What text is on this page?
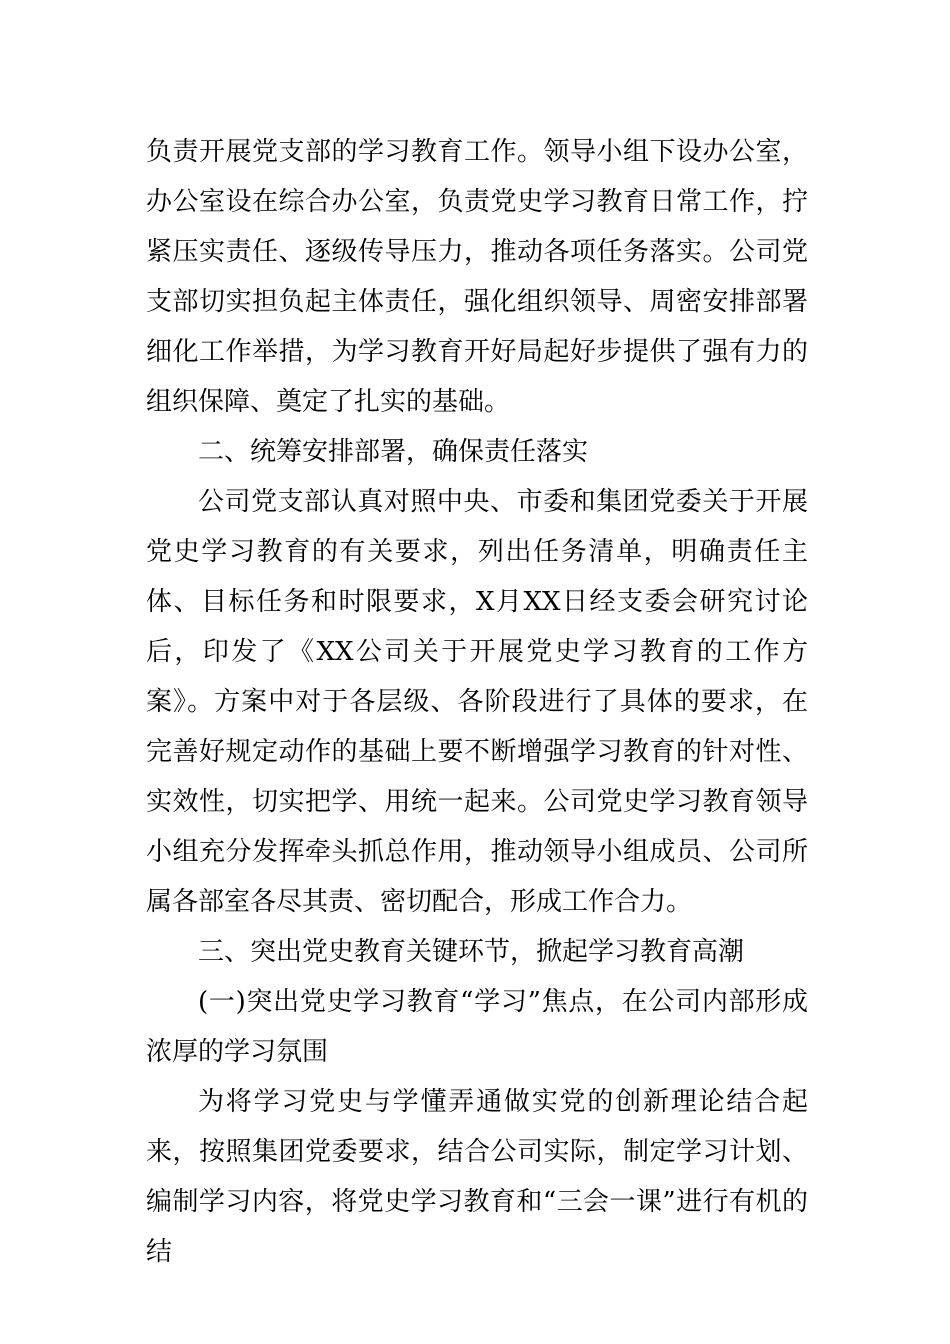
负责开展党支部的学习教育工作。领导小组下设办公室，办公室设在综合办公室，负责党史学习教育日常工作，拧紧压实责任、逐级传导压力，推动各项任务落实。公司党支部切实担负起主体责任，强化组织领导、周密安排部署细化工作举措，为学习教育开好局起好步提供了强有力的组织保障、奠定了扎实的基础。

二、统筹安排部署，确保责任落实

公司党支部认真对照中央、市委和集团党委关于开展党史学习教育的有关要求，列出任务清单，明确责任主体、目标任务和时限要求，X月XX日经支委会研究讨论后，印发了《XX公司关于开展党史学习教育的工作方案》。方案中对于各层级、各阶段进行了具体的要求，在完善好规定动作的基础上要不断增强学习教育的针对性、实效性，切实把学、用统一起来。公司党史学习教育领导小组充分发挥牵头抓总作用，推动领导小组成员、公司所属各部室各尽其责、密切配合，形成工作合力。

三、突出党史教育关键环节，掀起学习教育高潮

(一)突出党史学习教育“学习”焦点，在公司内部形成浓厚的学习氛围

为将学习党史与学懂弄通做实党的创新理论结合起来，按照集团党委要求，结合公司实际，制定学习计划、编制学习内容，将党史学习教育和“三会一课”进行有机的结
